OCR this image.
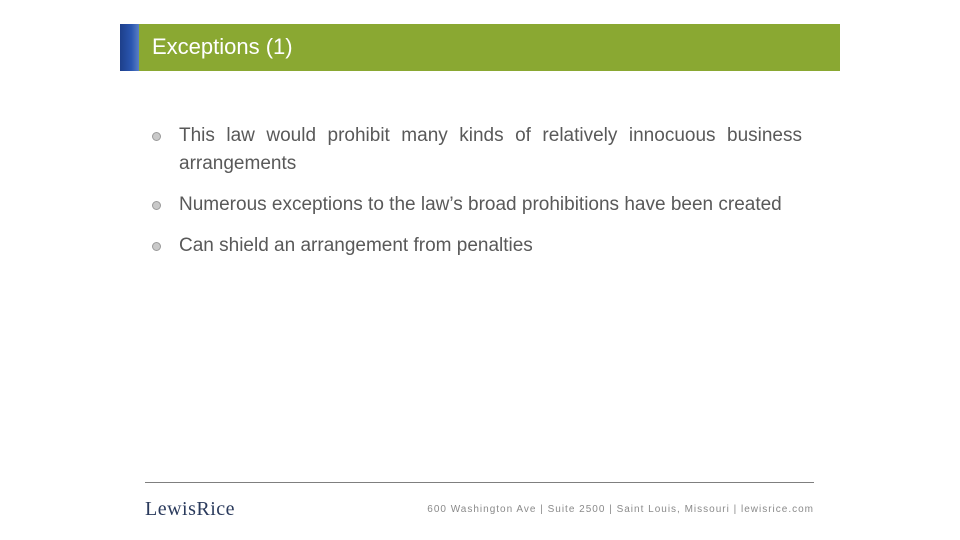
Exceptions (1)
This law would prohibit many kinds of relatively innocuous business arrangements
Numerous exceptions to the law’s broad prohibitions have been created
Can shield an arrangement from penalties
LewisRice	600 Washington Ave | Suite 2500 | Saint Louis, Missouri | lewisrice.com
